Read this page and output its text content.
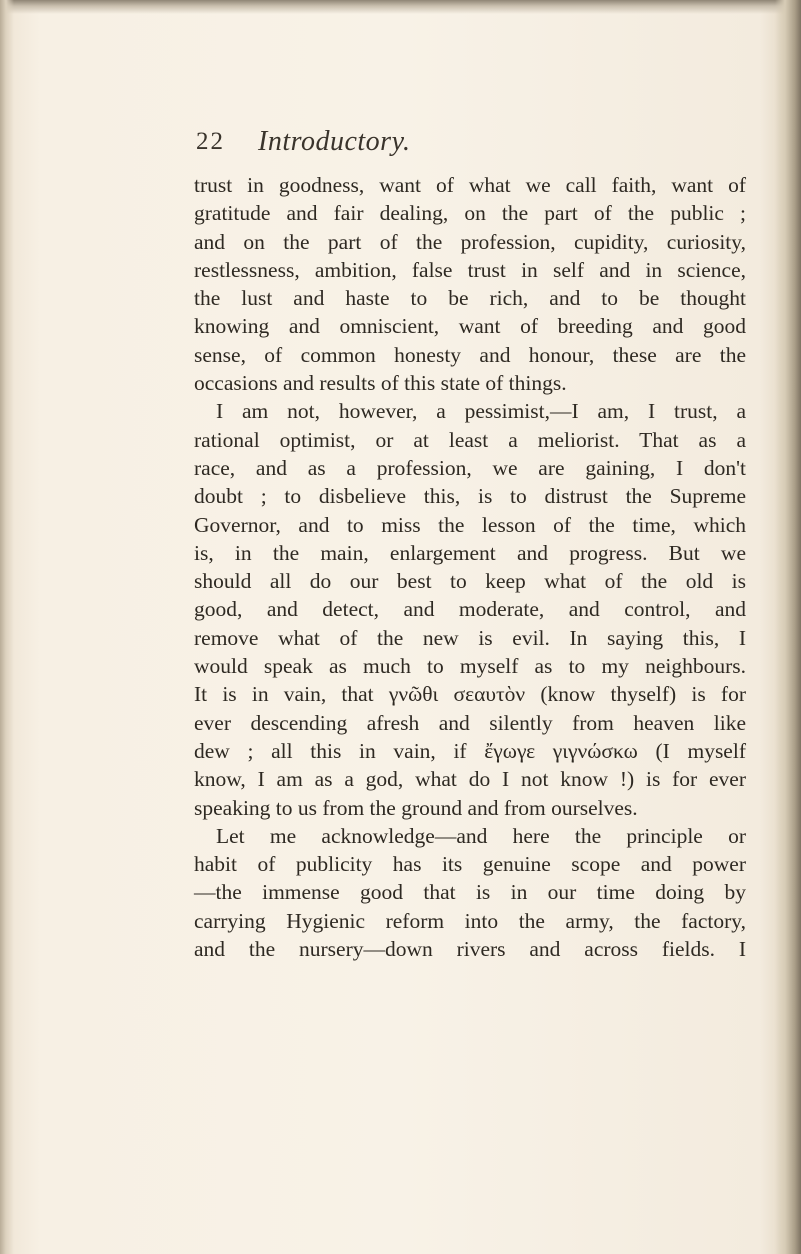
22 Introductory.
trust in goodness, want of what we call faith, want of
gratitude and fair dealing, on the part of the public ;
and on the part of the profession, cupidity, curiosity,
restlessness, ambition, false trust in self and in science,
the lust and haste to be rich, and to be thought
knowing and omniscient, want of breeding and good
sense, of common honesty and honour, these are the
occasions and results of this state of things.
I am not, however, a pessimist,—I am, I trust, a
rational optimist, or at least a meliorist. That as a
race, and as a profession, we are gaining, I don't
doubt ; to disbelieve this, is to distrust the Supreme
Governor, and to miss the lesson of the time, which
is, in the main, enlargement and progress. But we
should all do our best to keep what of the old is
good, and detect, and moderate, and control, and
remove what of the new is evil. In saying this, I
would speak as much to myself as to my neighbours.
It is in vain, that γνῶθι σεαυτὸν (know thyself) is for
ever descending afresh and silently from heaven like
dew ; all this in vain, if ἔγωγε γιγνώσκω (I myself
know, I am as a god, what do I not know !) is for ever
speaking to us from the ground and from ourselves.
Let me acknowledge—and here the principle or
habit of publicity has its genuine scope and power
—the immense good that is in our time doing by
carrying Hygienic reform into the army, the factory,
and the nursery—down rivers and across fields. I
